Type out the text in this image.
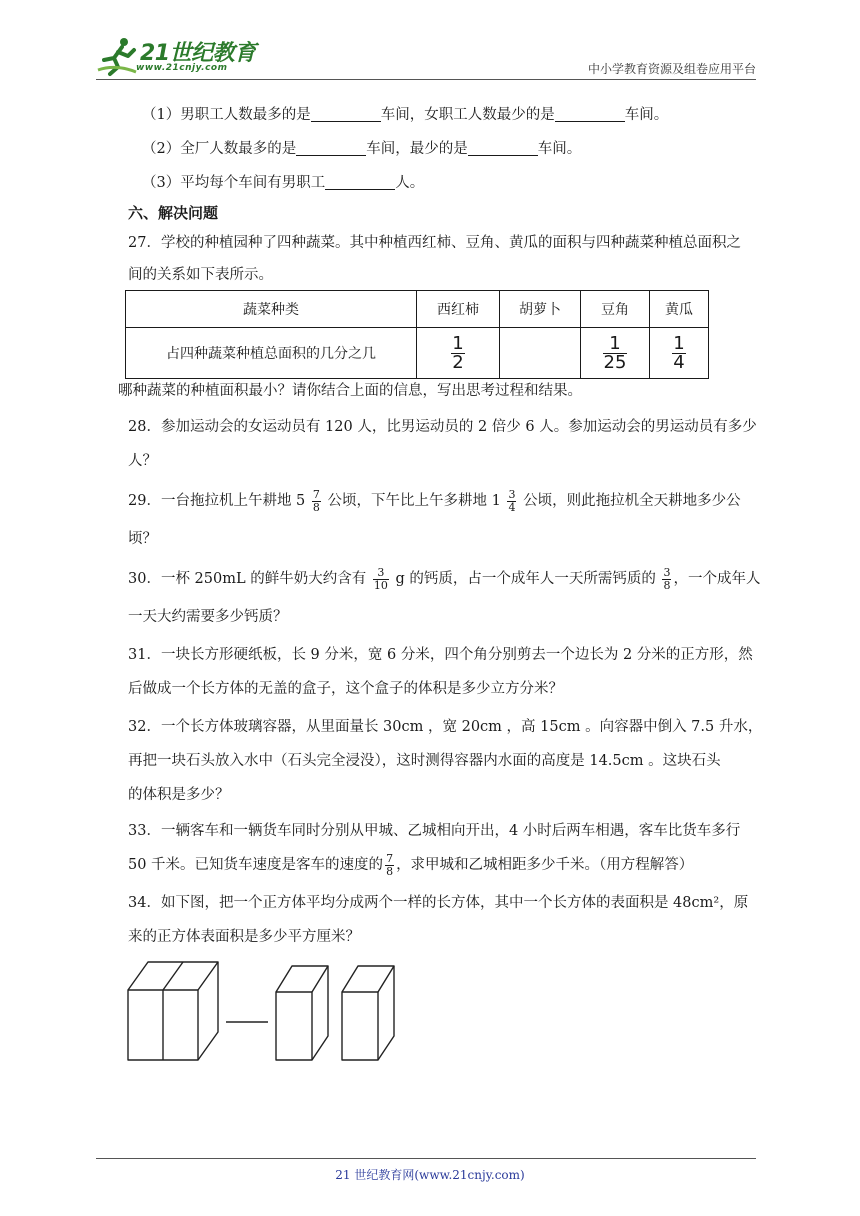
21世纪教育
www.21cnjy.com	中小学教育资源及组卷应用平台
（1）男职工人数最多的是	车间，女职工人数最少的是	车间。
（2）全厂人数最多的是	车间，最少的是	车间。
（3）平均每个车间有男职工	人。
六、解决问题
27．学校的种植园种了四种蔬菜。其中种植西红柿、豆角、黄瓜的面积与四种蔬菜种植总面积之
间的关系如下表所示。
蔬菜种类	西红柿	胡萝卜	豆角	黄瓜
占四种蔬菜种植总面积的几分之几	$\frac{1}{2}$		$\frac{1}{25}$	$\frac{1}{4}$
哪种蔬菜的种植面积最小？请你结合上面的信息，写出思考过程和结果。
28．参加运动会的女运动员有 120 人，比男运动员的 2 倍少 6 人。参加运动会的男运动员有多少
人？
29．一台拖拉机上午耕地 $5 \frac{7}{8}$ 公顷，下午比上午多耕地 $1 \frac{3}{4}$ 公顷，则此拖拉机全天耕地多少公
顷？
30．一杯 250mL 的鲜牛奶大约含有 $\frac{3}{10}$ g 的钙质，占一个成年人一天所需钙质的 $\frac{3}{8}$ ，一个成年人
一天大约需要多少钙质？
31．一块长方形硬纸板，长 9 分米，宽 6 分米，四个角分别剪去一个边长为 2 分米的正方形，然
后做成一个长方体的无盖的盒子，这个盒子的体积是多少立方分米？
32．一个长方体玻璃容器，从里面量长 30cm ，宽 20cm ，高 15cm 。向容器中倒入 7.5 升水，
再把一块石头放入水中（石头完全浸没），这时测得容器内水面的高度是 14.5cm 。这块石头
的体积是多少？
33．一辆客车和一辆货车同时分别从甲城、乙城相向开出，4 小时后两车相遇，客车比货车多行
50 千米。已知货车速度是客车的速度的 $\frac{7}{8}$ ，求甲城和乙城相距多少千米。（用方程解答）
34．如下图，把一个正方体平均分成两个一样的长方体，其中一个长方体的表面积是 48cm²，原
来的正方体表面积是多少平方厘米？
21 世纪教育网(www.21cnjy.com)
